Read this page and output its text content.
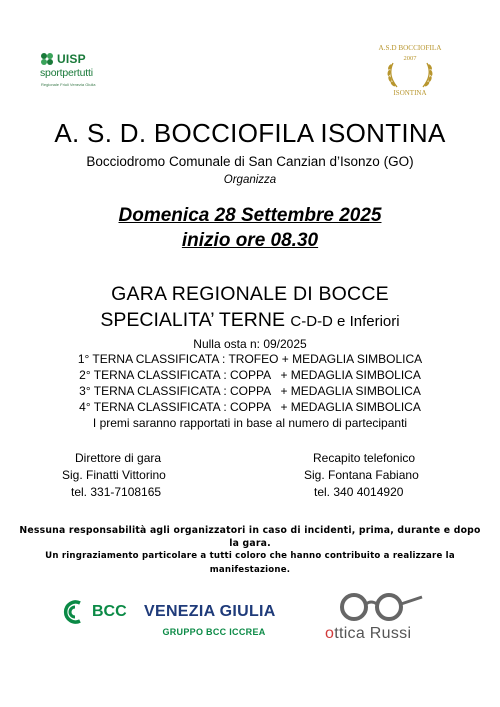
UISP
sportpertutti
Regionale Friuli Venezia Giulia
A.S.D BOCCIOFILA
2007
ISONTINA
A. S. D. BOCCIOFILA ISONTINA
Bocciodromo Comunale di San Canzian d’Isonzo (GO)
Organizza
Domenica 28 Settembre 2025
inizio ore 08.30
GARA REGIONALE DI BOCCE
SPECIALITA’ TERNE C-D-D e Inferiori
Nulla osta n: 09/2025
1° TERNA CLASSIFICATA : TROFEO + MEDAGLIA SIMBOLICA
2° TERNA CLASSIFICATA : COPPA   + MEDAGLIA SIMBOLICA
3° TERNA CLASSIFICATA : COPPA   + MEDAGLIA SIMBOLICA
4° TERNA CLASSIFICATA : COPPA   + MEDAGLIA SIMBOLICA
I premi saranno rapportati in base al numero di partecipanti
Direttore di gara
Sig. Finatti Vittorino
tel. 331-7108165
Recapito telefonico
Sig. Fontana Fabiano
tel. 340 4014920
Nessuna responsabilità agli organizzatori in caso di incidenti, prima, durante e dopo
la gara.
Un ringraziamento particolare a tutti coloro che hanno contribuito a realizzare la
manifestazione.
BCC VENEZIA GIULIA
GRUPPO BCC ICCREA	ottica Russi
